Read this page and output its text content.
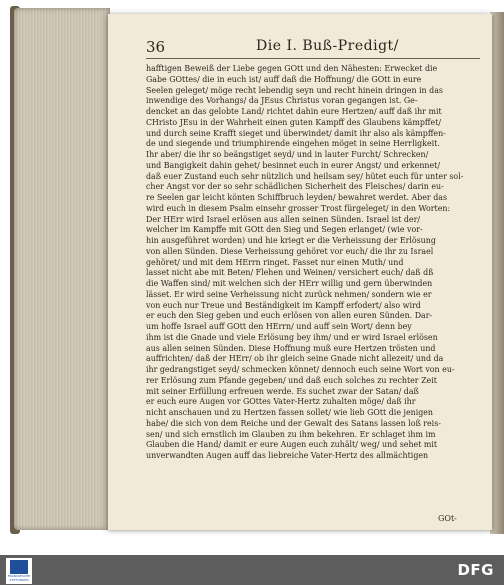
36	Die I. Buß-Predigt/
hafftigen Beweiß der Liebe gegen GOtt und den Nähesten: Erwecket die
Gabe GOttes/ die in euch ist/ auff daß die Hoffnung/ die GOtt in eure
Seelen geleget/ möge recht lebendig seyn und recht hinein dringen in das
inwendige des Vorhangs/ da JEsus Christus voran gegangen ist. Ge-
dencket an das gelobte Land/ richtet dahin eure Hertzen/ auff daß ihr mit
CHristo JEsu in der Wahrheit einen guten Kampff des Glaubens kämpffet/
und durch seine Krafft sieget und überwindet/ damit ihr also als kämpffen-
de und siegende und triumphirende eingehen möget in seine Herrligkeit.
Ihr aber/ die ihr so beängstiget seyd/ und in lauter Furcht/ Schrecken/
und Bangigkeit dahin gehet/ besinnet euch in eurer Angst/ und erkennet/
daß euer Zustand euch sehr nützlich und heilsam sey/ hütet euch für unter sol-
cher Angst vor der so sehr schädlichen Sicherheit des Fleisches/ darin eu-
re Seelen gar leicht könten Schiffbruch leyden/ bewahret werdet. Aber das
wird euch in diesem Psalm einsehr grosser Trost fürgeleget/ in den Worten:
Der HErr wird Israel erlösen aus allen seinen Sünden. Israel ist der/
welcher im Kampffe mit GOtt den Sieg und Segen erlanget/ (wie vor-
hin ausgeführet worden) und hie kriegt er die Verheissung der Erlösung
von allen Sünden. Diese Verheissung gehöret vor euch/ die ihr zu Israel
gehöret/ und mit dem HErrn ringet. Fasset nur einen Muth/ und
lasset nicht abe mit Beten/ Flehen und Weinen/ versichert euch/ daß dß
die Waffen sind/ mit welchen sich der HErr willig und gern überwinden
lässet. Er wird seine Verheissung nicht zurück nehmen/ sondern wie er
von euch nur Treue und Beständigkeit im Kampff erfodert/ also wird
er euch den Sieg geben und euch erlösen von allen euren Sünden. Dar-
um hoffe Israel auff GOtt den HErrn/ und auff sein Wort/ denn bey
ihm ist die Gnade und viele Erlösung bey ihm/ und er wird Israel erlösen
aus allen seinen Sünden. Diese Hoffnung muß eure Hertzen trösten und
auffrichten/ daß der HErr/ ob ihr gleich seine Gnade nicht allezeit/ und da
ihr gedrangstiget seyd/ schmecken könnet/ dennoch euch seine Wort von eu-
rer Erlösung zum Pfande gegeben/ und daß euch solches zu rechter Zeit
mit seiner Erfüllung erfreuen werde. Es suchet zwar der Satan/ daß
er euch eure Augen vor GOttes Vater-Hertz zuhalten möge/ daß ihr
nicht anschauen und zu Hertzen fassen sollet/ wie lieb GOtt die jenigen
habe/ die sich von dem Reiche und der Gewalt des Satans lassen loß reis-
sen/ und sich ernstlich im Glauben zu ihm bekehren. Er schlaget ihm im
Glauben die Hand/ damit er eure Augen euch zuhält/ weg/ und sehet mit
unverwandten Augen auff das liebreiche Vater-Hertz des allmächtigen
GOt-
FRANCKESCHE STIFTUNGEN
DFG
